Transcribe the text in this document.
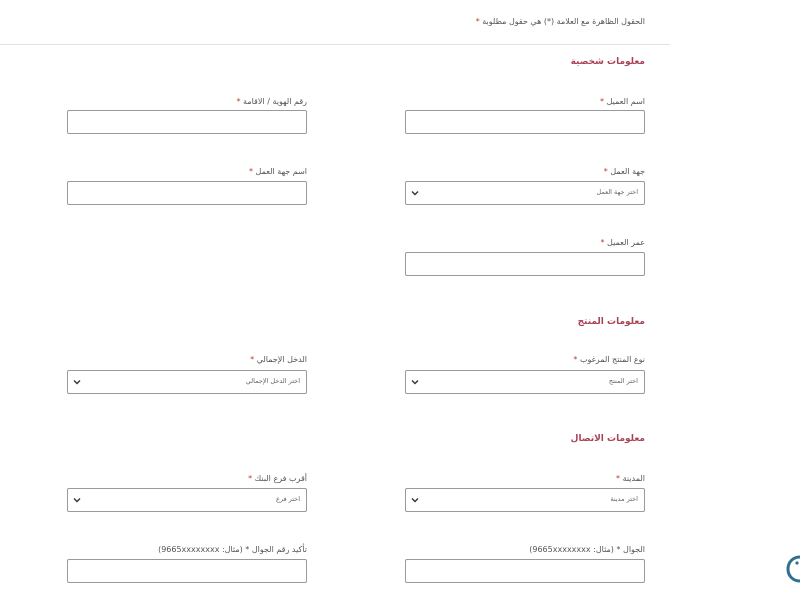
الحقول الظاهرة مع العلامة (*) هي حقول مطلوبة *
معلومات شخصية
اسم العميل *
رقم الهوية / الاقامة *
جهة العمل *
اختر جهة العمل
اسم جهة العمل *
عمر العميل *
معلومات المنتج
نوع المنتج المرغوب *
اختر المنتج
الدخل الإجمالي *
اختر الدخل الإجمالي
معلومات الاتصال
المدينة *
اختر مدينة
أقرب فرع البنك *
اختر فرع
الجوال * (مثال: 9665xxxxxxxx)
تأكيد رقم الجوال * (مثال: 9665xxxxxxxx)
